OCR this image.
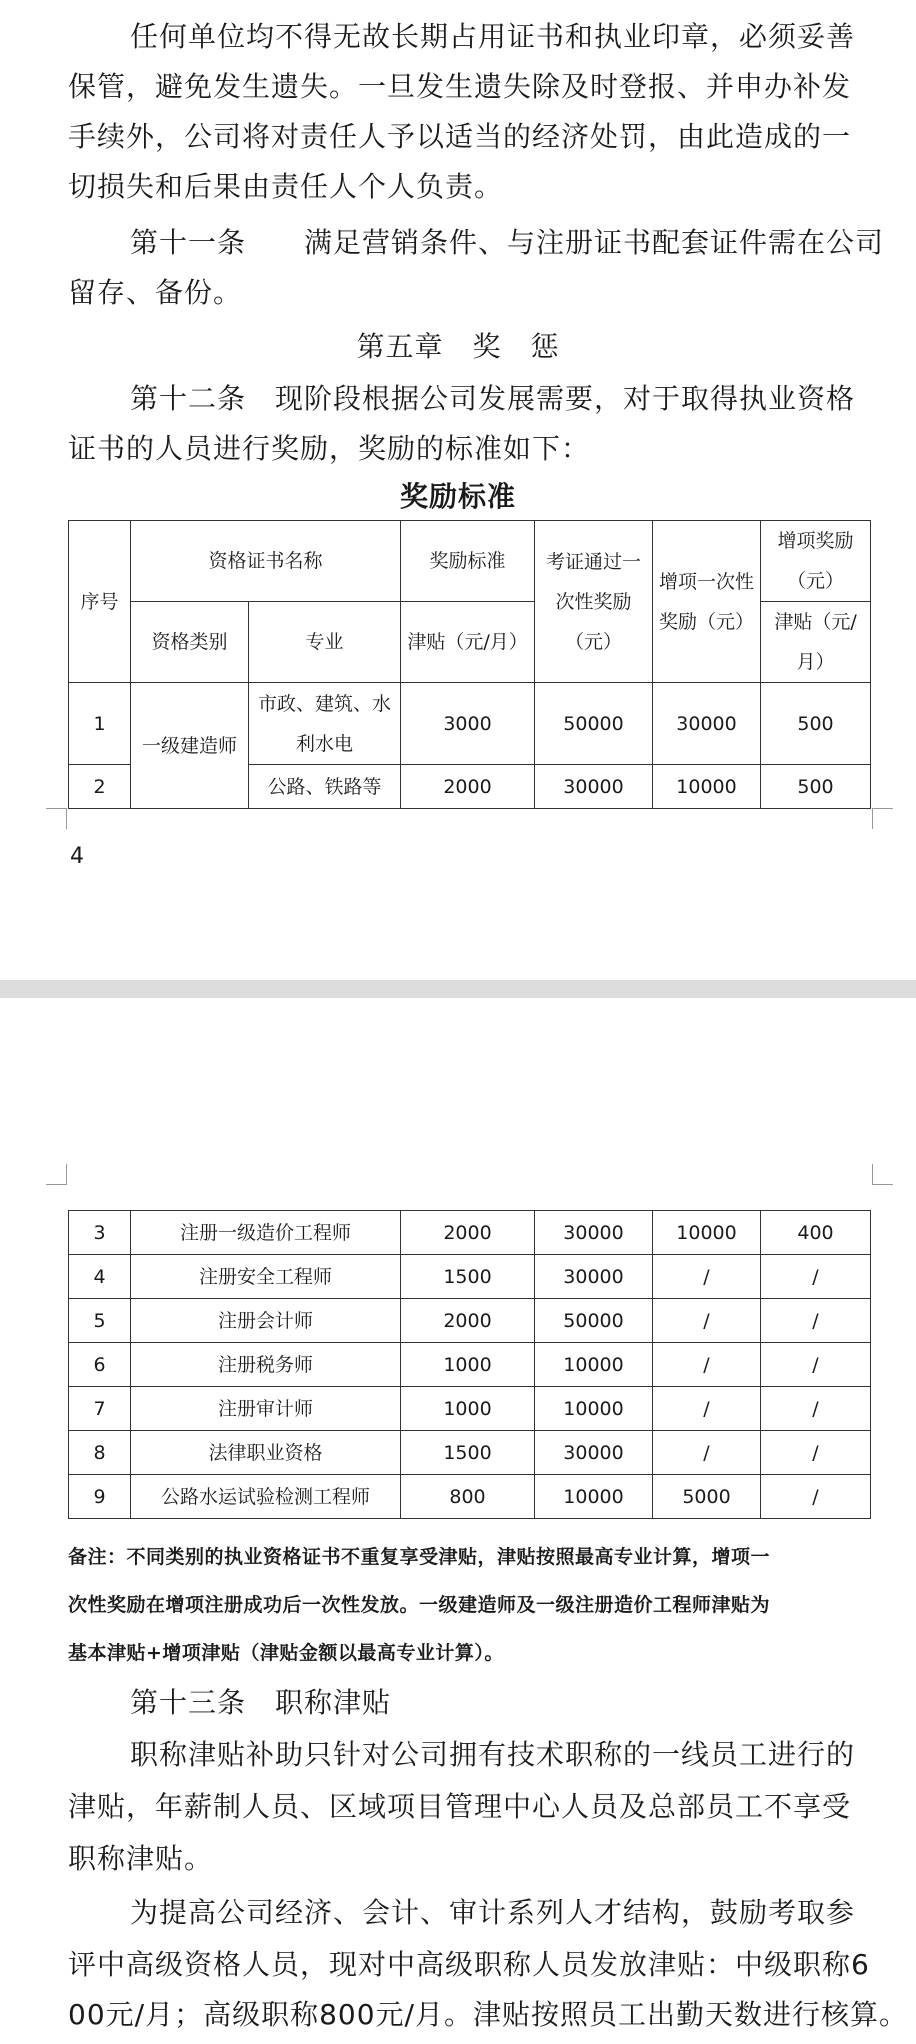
任何单位均不得无故长期占用证书和执业印章，必须妥善
保管，避免发生遗失。一旦发生遗失除及时登报、并申办补发
手续外，公司将对责任人予以适当的经济处罚，由此造成的一
切损失和后果由责任人个人负责。
第十一条　　满足营销条件、与注册证书配套证件需在公司
留存、备份。
第五章　奖　惩
第十二条　现阶段根据公司发展需要，对于取得执业资格
证书的人员进行奖励，奖励的标准如下：
奖励标准
序号	资格证书名称		奖励标准	考证通过一次性奖励（元）	增项一次性奖励（元）	增项奖励（元）
	资格类别	专业	津贴（元/月）			津贴（元/月）
1	一级建造师	市政、建筑、水利水电	3000	50000	30000	500
2		公路、铁路等	2000	30000	10000	500
4
3	注册一级造价工程师	2000	30000	10000	400
4	注册安全工程师	1500	30000	/	/
5	注册会计师	2000	50000	/	/
6	注册税务师	1000	10000	/	/
7	注册审计师	1000	10000	/	/
8	法律职业资格	1500	30000	/	/
9	公路水运试验检测工程师	800	10000	5000	/
备注：不同类别的执业资格证书不重复享受津贴，津贴按照最高专业计算，增项一
次性奖励在增项注册成功后一次性发放。一级建造师及一级注册造价工程师津贴为
基本津贴+增项津贴（津贴金额以最高专业计算）。
第十三条　职称津贴
职称津贴补助只针对公司拥有技术职称的一线员工进行的
津贴，年薪制人员、区域项目管理中心人员及总部员工不享受
职称津贴。
为提高公司经济、会计、审计系列人才结构，鼓励考取参
评中高级资格人员，现对中高级职称人员发放津贴：中级职称6
00元/月；高级职称800元/月。津贴按照员工出勤天数进行核算。
